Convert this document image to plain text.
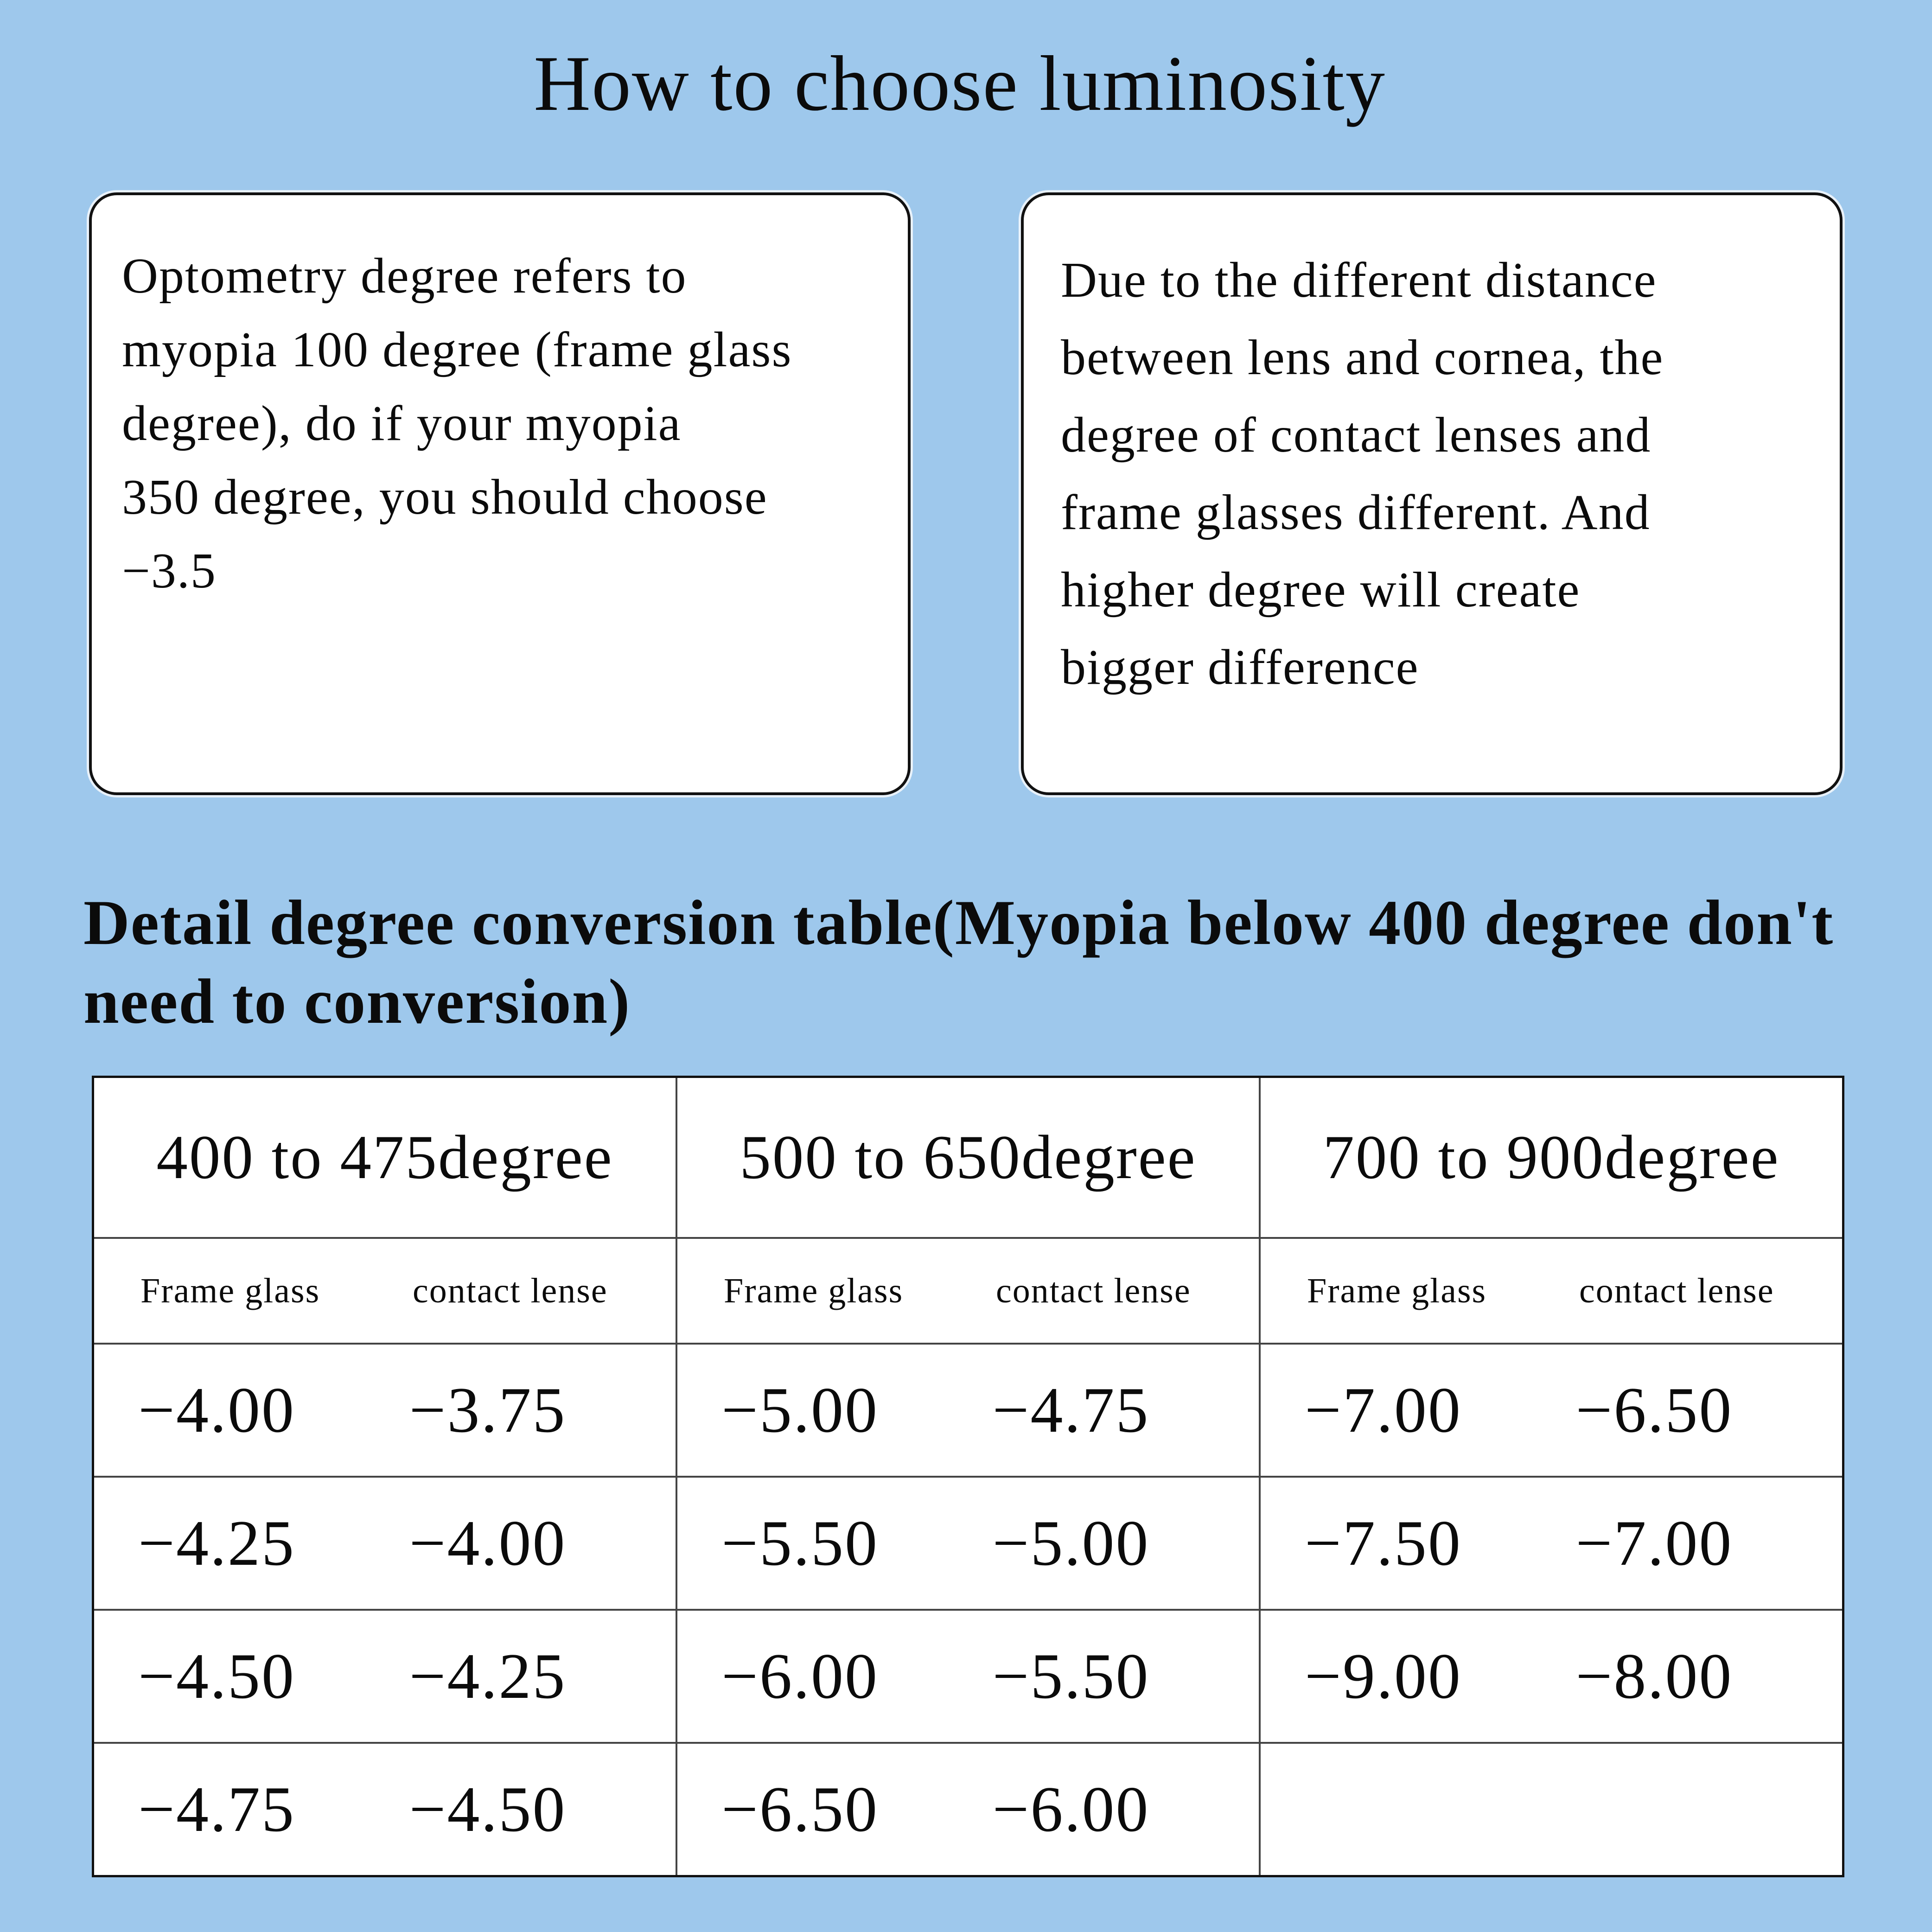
How to choose luminosity
Optometry degree refers to
myopia 100 degree (frame glass
degree), do if your myopia
350 degree, you should choose
−3.5
Due to the different distance
between lens and cornea, the
degree of contact lenses and
frame glasses different. And
higher degree will create
bigger difference
Detail degree conversion table(Myopia below 400 degree don't need to conversion)
400 to 475degree	500 to 650degree	700 to 900degree

Frame glass contact lense	Frame glass contact lense	Frame glass contact lense

−4.00 −3.75	−5.00 −4.75	−7.00 −6.50

−4.25 −4.00	−5.50 −5.00	−7.50 −7.00

−4.50 −4.25	−6.00 −5.50	−9.00 −8.00

−4.75 −4.50	−6.50 −6.00	
